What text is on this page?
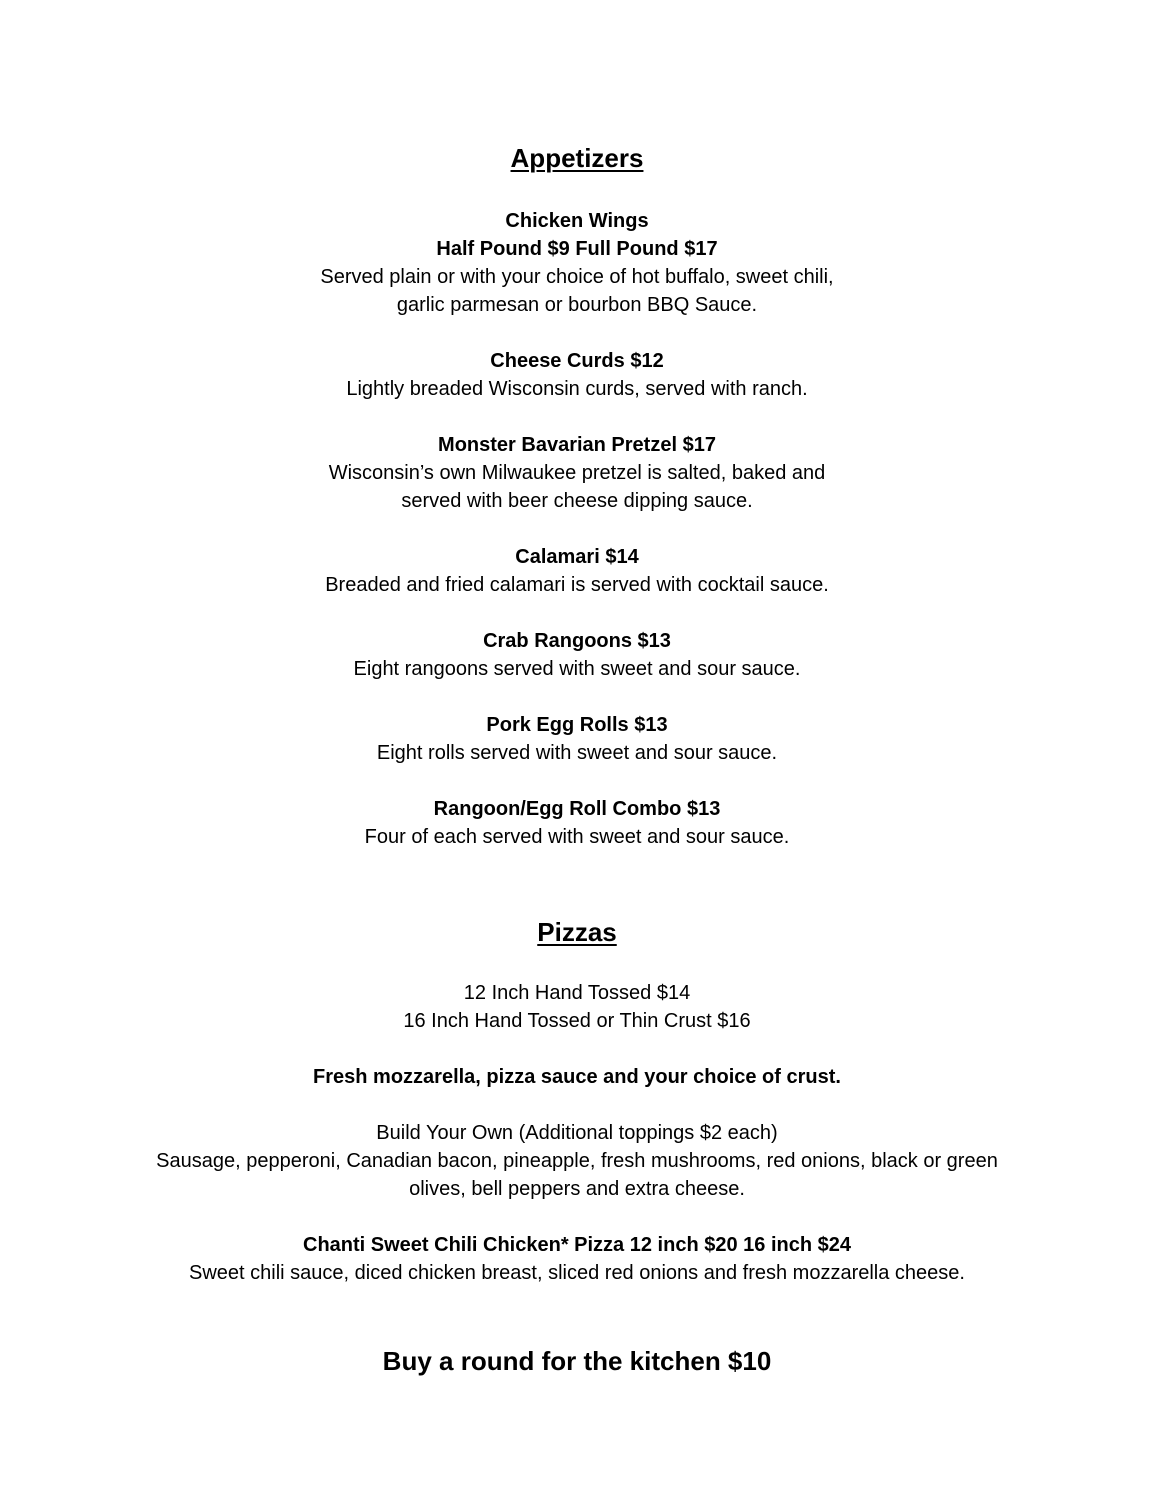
Appetizers

Chicken Wings

Half Pound $9 Full Pound $17

Served plain or with your choice of hot buffalo, sweet chili,

garlic parmesan or bourbon BBQ Sauce.

Cheese Curds $12

Lightly breaded Wisconsin curds, served with ranch.

Monster Bavarian Pretzel $17

Wisconsin’s own Milwaukee pretzel is salted, baked and

served with beer cheese dipping sauce.

Calamari $14

Breaded and fried calamari is served with cocktail sauce.

Crab Rangoons $13

Eight rangoons served with sweet and sour sauce.

Pork Egg Rolls $13

Eight rolls served with sweet and sour sauce.

Rangoon/Egg Roll Combo $13

Four of each served with sweet and sour sauce.

Pizzas

12 Inch Hand Tossed $14

16 Inch Hand Tossed or Thin Crust $16

Fresh mozzarella, pizza sauce and your choice of crust.

Build Your Own (Additional toppings $2 each)

Sausage, pepperoni, Canadian bacon, pineapple, fresh mushrooms, red onions, black or green

olives, bell peppers and extra cheese.

Chanti Sweet Chili Chicken* Pizza 12 inch $20 16 inch $24

Sweet chili sauce, diced chicken breast, sliced red onions and fresh mozzarella cheese.

Buy a round for the kitchen $10
